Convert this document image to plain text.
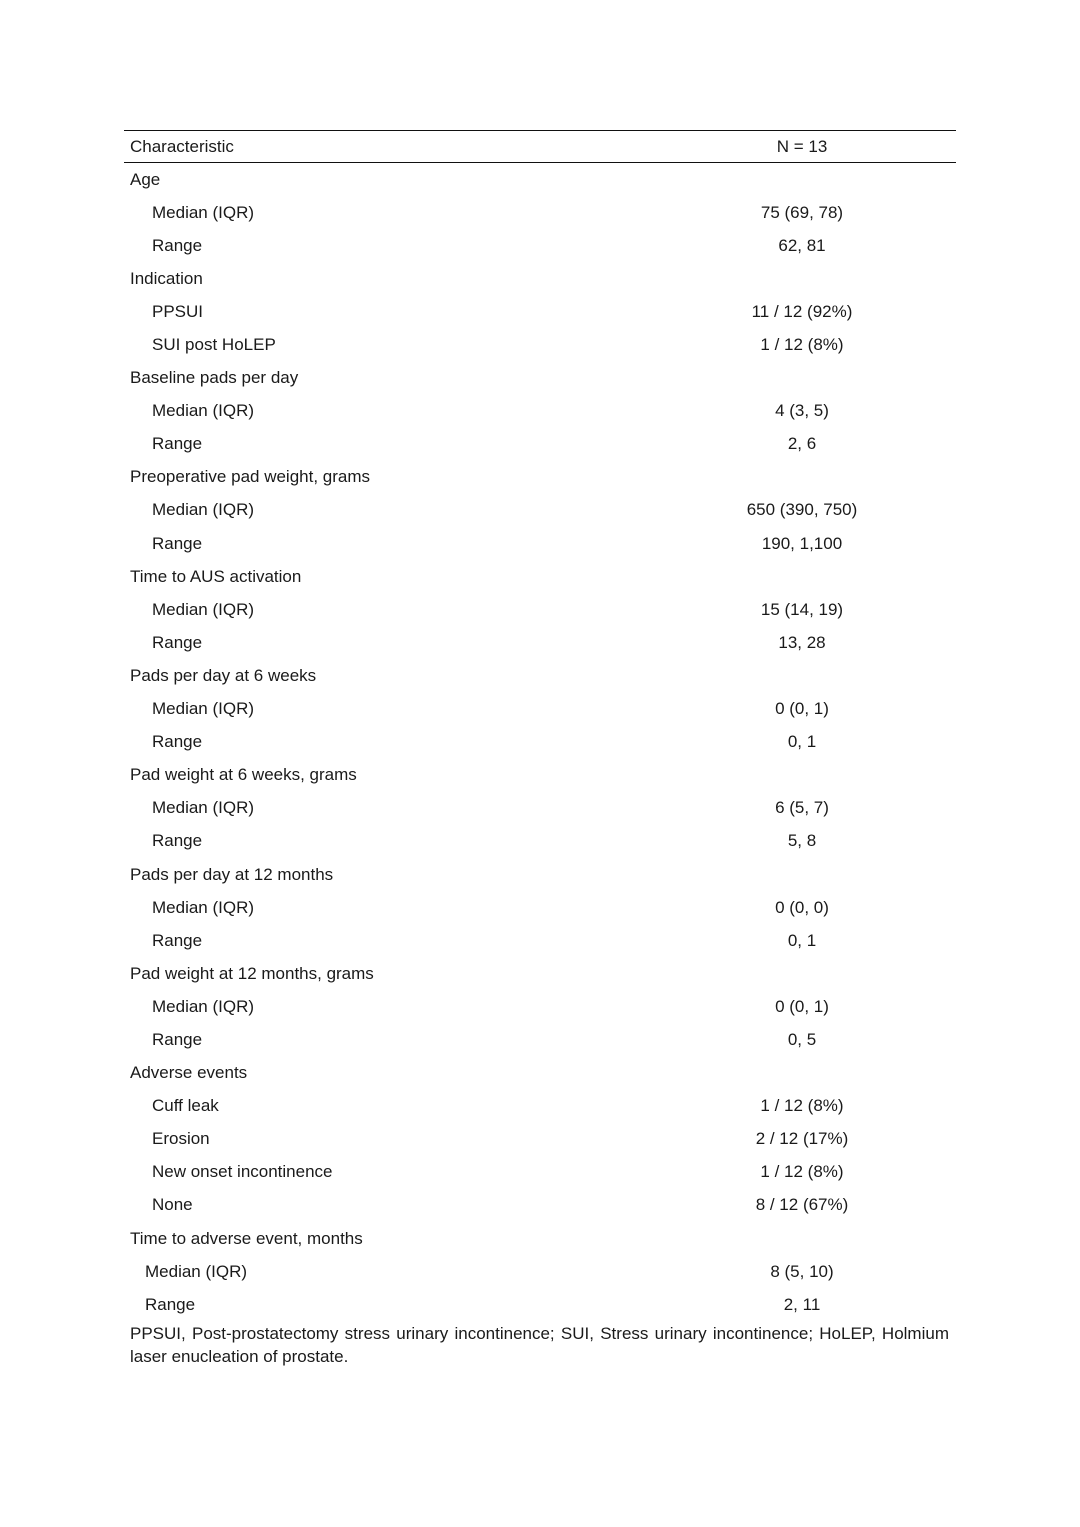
Characteristic	N = 13
Age
Median (IQR)	75 (69, 78)
Range	62, 81
Indication
PPSUI	11 / 12 (92%)
SUI post HoLEP	1 / 12 (8%)
Baseline pads per day
Median (IQR)	4 (3, 5)
Range	2, 6
Preoperative pad weight, grams
Median (IQR)	650 (390, 750)
Range	190, 1,100
Time to AUS activation
Median (IQR)	15 (14, 19)
Range	13, 28
Pads per day at 6 weeks
Median (IQR)	0 (0, 1)
Range	0, 1
Pad weight at 6 weeks, grams
Median (IQR)	6 (5, 7)
Range	5, 8
Pads per day at 12 months
Median (IQR)	0 (0, 0)
Range	0, 1
Pad weight at 12 months, grams
Median (IQR)	0 (0, 1)
Range	0, 5
Adverse events
Cuff leak	1 / 12 (8%)
Erosion	2 / 12 (17%)
New onset incontinence	1 / 12 (8%)
None	8 / 12 (67%)
Time to adverse event, months
Median (IQR)	8 (5, 10)
Range	2, 11
PPSUI, Post-prostatectomy stress urinary incontinence; SUI, Stress urinary incontinence; HoLEP, Holmium laser enucleation of prostate.
